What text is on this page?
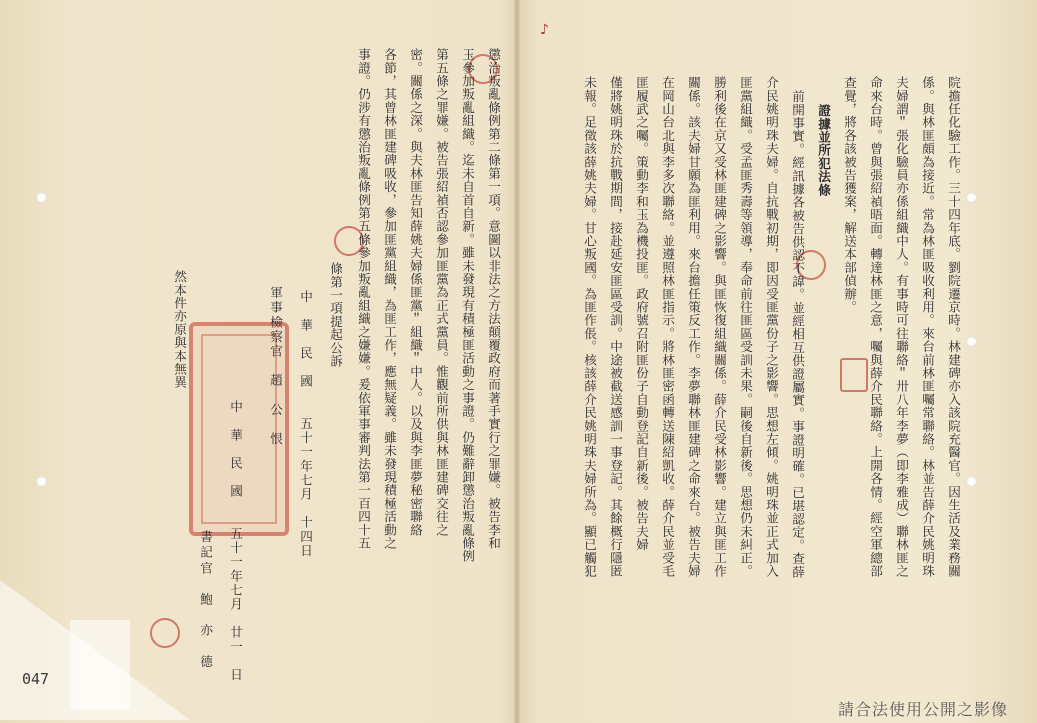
♪
懲治叛亂條例第二條第一項。意圖以非法之方法顛覆政府而著手實行之罪嫌。被告李和
玉參加叛亂組織。迄未自首自新。雖未發現有積極匪活動之事證。仍難辭卸懲治叛亂條例
第五條之罪嫌。被告張紹禎否認參加匪黨為正式黨員。惟觀前所供與林匪建碑交往之
密。關係之深。與夫林匪告知薛姚夫婦係匪黨＂組織＂中人。以及與李匪夢秘密聯絡
各節，其曾林匪建碑吸收，參加匪黨組織，為匪工作，應無疑義。雖未發現積極活動之
事證。仍涉有懲治叛亂條例第五條參加叛亂組織之嫌嫌。爰依軍事審判法第一百四十五
條第一項提起公訴
軍事檢察官　趙　公　恨 中　華　民　國　　五十一年七月　十四日
中　華　民　國　　五十一年七月　廿一　日
書記官　鮑　亦　德
然本件亦原與本無異	院擔任化驗工作。三十四年底。劉院遷京時。林建碑亦入該院充醫官。因生活及業務關
係。與林匪頗為接近。常為林匪吸收利用。來台前林匪囑常聯絡。林並告薛介民姚明珠
夫婦謂＂張化驗員亦係組織中人。有事時可往聯絡＂卅八年李夢（即李雅成）聯林匪之
命來台時。曾與張紹禎晤面。轉達林匪之意，囑與薛介民聯絡。上開各情。經空軍總部
查覺，將各該被告獲案，解送本部偵辦。
證據並所犯法條
前開事實。經訊據各被告供認不諱。並經相互供證屬實。事證明確。已堪認定。查薛
介民姚明珠夫婦。自抗戰初期，即因受匪黨份子之影響。思想左傾。姚明珠並正式加入
匪黨組織。受孟匪秀壽等領導，奉命前往匪區受訓未果。嗣後自新後。思想仍未糾正。
勝利後在京又受林匪建碑之影響。與匪恢復組織關係。薛介民受林影響。建立與匪工作
關係。該夫婦甘願為匪利用。來台擔任策反工作。李夢聯林匪建碑之命來台。被告夫婦
在岡山台北與李多次聯絡。並遵照林匪指示。將林匪密函轉送陳紹凱收。薛介民並受毛
匪履武之囑。策動李和玉為機投匪。政府號召附匪份子自動登記自新後。被告夫婦
僅將姚明珠於抗戰期間，接赴延安匪區受訓。中途被截送感訓一事登記。其餘概行隱匿
未報。足徵該薛姚夫婦。甘心叛國。為匪作倀。核該薛介民姚明珠夫婦所為。顯已觸犯
047
請合法使用公開之影像
